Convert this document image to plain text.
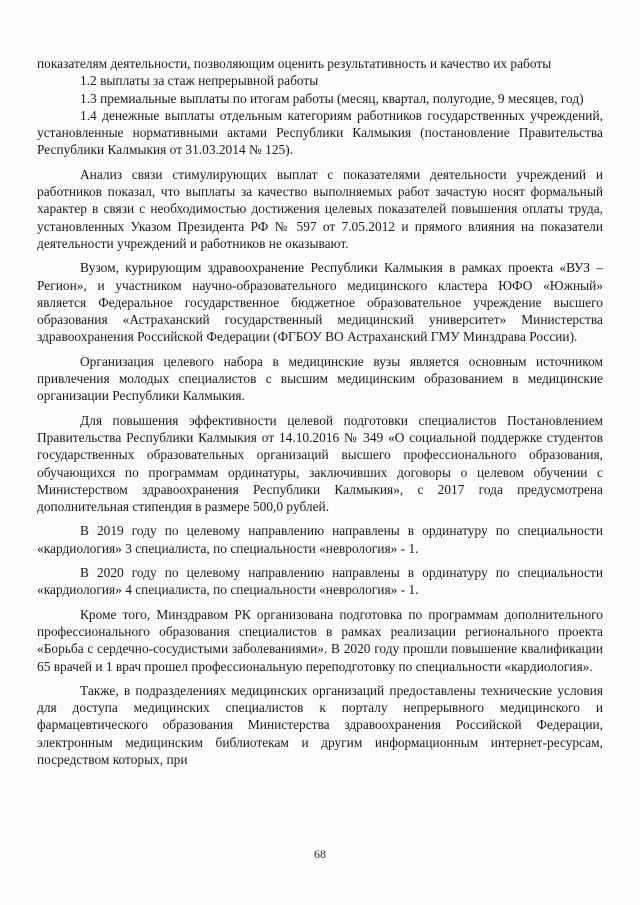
показателям деятельности, позволяющим оценить результативность и качество их работы

1.2 выплаты за стаж непрерывной работы

1.3 премиальные выплаты по итогам работы (месяц, квартал, полугодие, 9 месяцев, год)

1.4 денежные выплаты отдельным категориям работников государственных учреждений, установленные нормативными актами Республики Калмыкия (постановление Правительства Республики Калмыкия от 31.03.2014 № 125).

Анализ связи стимулирующих выплат с показателями деятельности учреждений и работников показал, что выплаты за качество выполняемых работ зачастую носят формальный характер в связи с необходимостью достижения целевых показателей повышения оплаты труда, установленных Указом Президента РФ № 597 от 7.05.2012 и прямого влияния на показатели деятельности учреждений и работников не оказывают.

Вузом, курирующим здравоохранение Республики Калмыкия в рамках проекта «ВУЗ – Регион», и участником научно-образовательного медицинского кластера ЮФО «Южный» является Федеральное государственное бюджетное образовательное учреждение высшего образования «Астраханский государственный медицинский университет» Министерства здравоохранения Российской Федерации (ФГБОУ ВО Астраханский ГМУ Минздрава России).

Организация целевого набора в медицинские вузы является основным источником привлечения молодых специалистов с высшим медицинским образованием в медицинские организации Республики Калмыкия.

Для повышения эффективности целевой подготовки специалистов Постановлением Правительства Республики Калмыкия от 14.10.2016 № 349 «О социальной поддержке студентов государственных образовательных организаций высшего профессионального образования, обучающихся по программам ординатуры, заключивших договоры о целевом обучении с Министерством здравоохранения Республики Калмыкия», с 2017 года предусмотрена дополнительная стипендия в размере 500,0 рублей.

В 2019 году по целевому направлению направлены в ординатуру по специальности «кардиология» 3 специалиста, по специальности «неврология» - 1.

В 2020 году по целевому направлению направлены в ординатуру по специальности «кардиология» 4 специалиста, по специальности «неврология» - 1.

Кроме того, Минздравом РК организована подготовка по программам дополнительного профессионального образования специалистов в рамках реализации регионального проекта «Борьба с сердечно-сосудистыми заболеваниями». В 2020 году прошли повышение квалификации 65 врачей и 1 врач прошел профессиональную переподготовку по специальности «кардиология».

Также, в подразделениях медицинских организаций предоставлены технические условия для доступа медицинских специалистов к порталу непрерывного медицинского и фармацевтического образования Министерства здравоохранения Российской Федерации, электронным медицинским библиотекам и другим информационным интернет-ресурсам, посредством которых, при

68
